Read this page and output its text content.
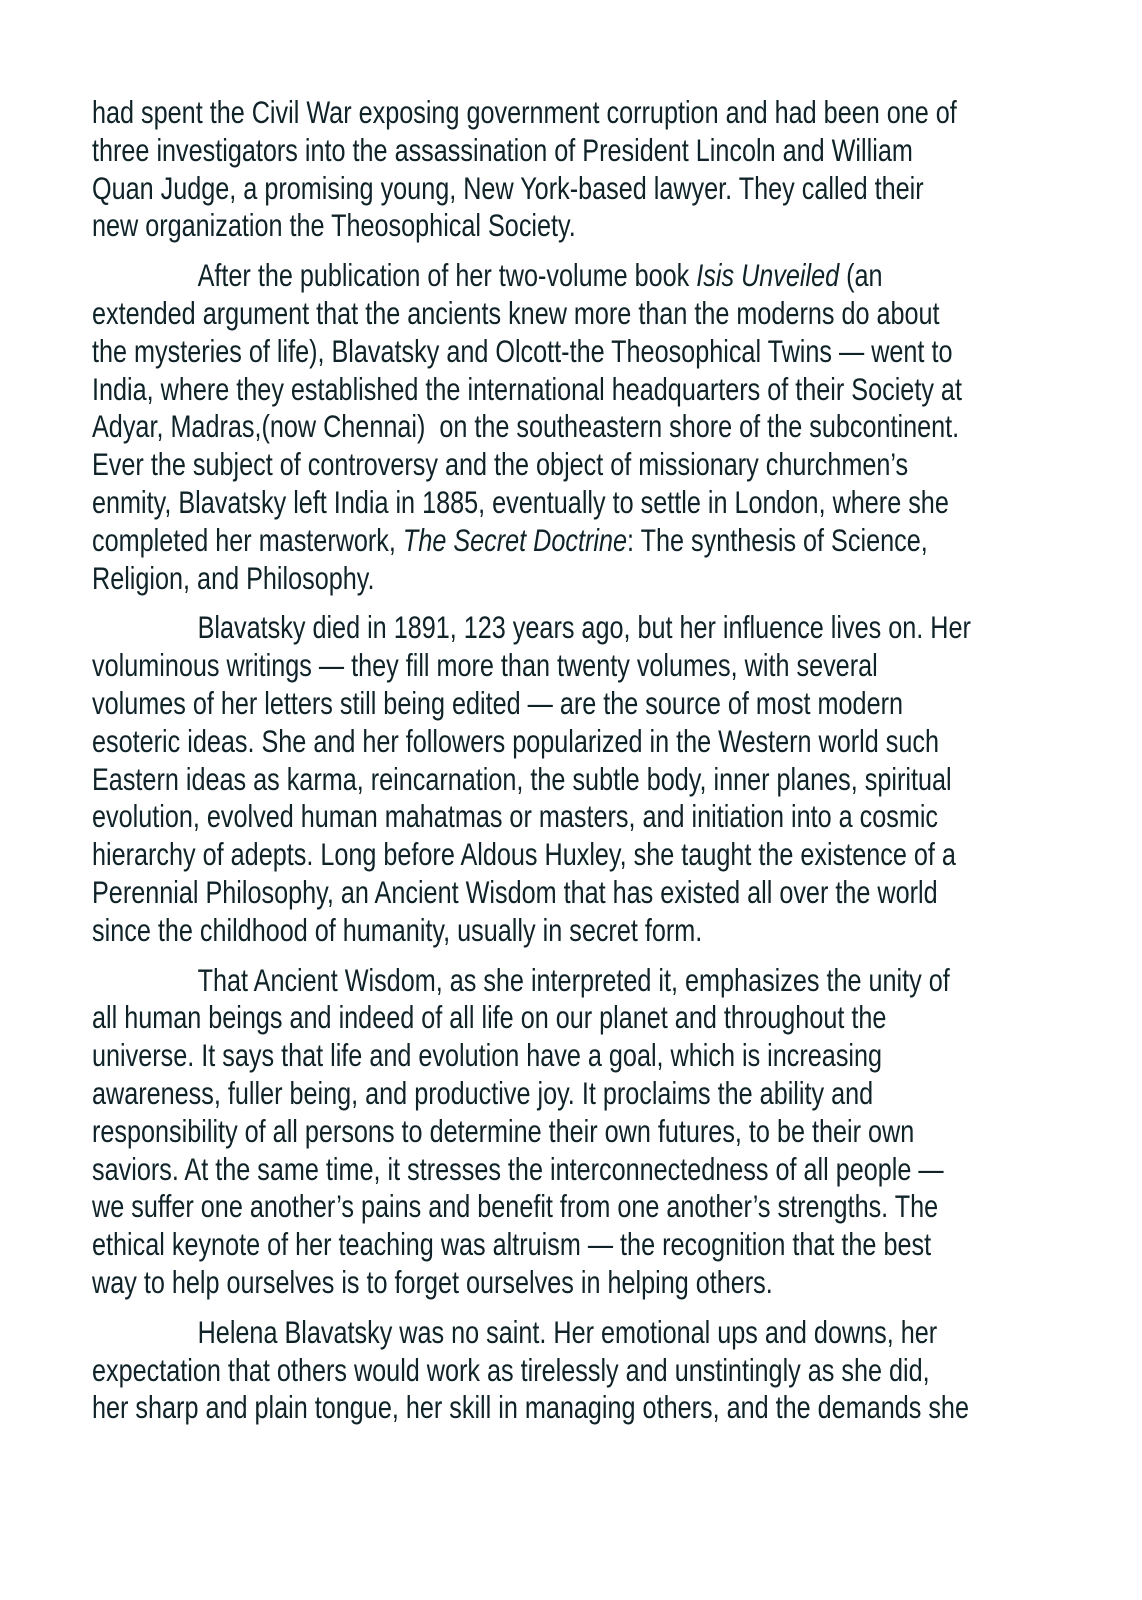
had spent the Civil War exposing government corruption and had been one of
three investigators into the assassination of President Lincoln and William
Quan Judge, a promising young, New York-based lawyer. They called their
new organization the Theosophical Society.
After the publication of her two-volume book Isis Unveiled (an
extended argument that the ancients knew more than the moderns do about
the mysteries of life), Blavatsky and Olcott-the Theosophical Twins — went to
India, where they established the international headquarters of their Society at
Adyar, Madras,(now Chennai)  on the southeastern shore of the subcontinent.
Ever the subject of controversy and the object of missionary churchmen’s
enmity, Blavatsky left India in 1885, eventually to settle in London, where she
completed her masterwork, The Secret Doctrine: The synthesis of Science,
Religion, and Philosophy.
Blavatsky died in 1891, 123 years ago, but her influence lives on. Her
voluminous writings — they fill more than twenty volumes, with several
volumes of her letters still being edited — are the source of most modern
esoteric ideas. She and her followers popularized in the Western world such
Eastern ideas as karma, reincarnation, the subtle body, inner planes, spiritual
evolution, evolved human mahatmas or masters, and initiation into a cosmic
hierarchy of adepts. Long before Aldous Huxley, she taught the existence of a
Perennial Philosophy, an Ancient Wisdom that has existed all over the world
since the childhood of humanity, usually in secret form.
That Ancient Wisdom, as she interpreted it, emphasizes the unity of
all human beings and indeed of all life on our planet and throughout the
universe. It says that life and evolution have a goal, which is increasing
awareness, fuller being, and productive joy. It proclaims the ability and
responsibility of all persons to determine their own futures, to be their own
saviors. At the same time, it stresses the interconnectedness of all people —
we suffer one another’s pains and benefit from one another’s strengths. The
ethical keynote of her teaching was altruism — the recognition that the best
way to help ourselves is to forget ourselves in helping others.
Helena Blavatsky was no saint. Her emotional ups and downs, her
expectation that others would work as tirelessly and unstintingly as she did,
her sharp and plain tongue, her skill in managing others, and the demands she
